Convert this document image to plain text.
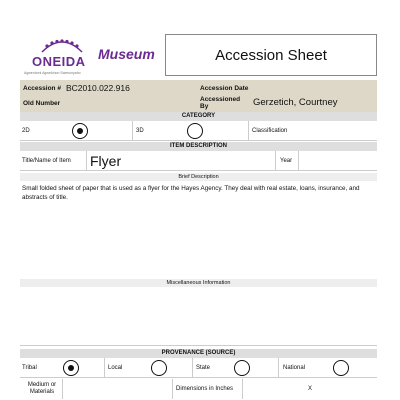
ONEIDA
Agwenhoni Agwelohon Swenunyaho
Museum	Accession Sheet
Accession # BC2010.022.916	Accession Date
Old Number
Accessioned By	Gerzetich, Courtney
CATEGORY
2D	3D	Classification
ITEM DESCRIPTION
Title/Name of Item Flyer	Year
Brief Description
Small folded sheet of paper that is used as a flyer for the Hayes Agency. They deal with real estate, loans, insurance, and abstracts of title.
Miscellaneous Information
PROVENANCE (SOURCE)
Tribal	Local	State	National
Medium or Materials	Dimensions in Inches	X
